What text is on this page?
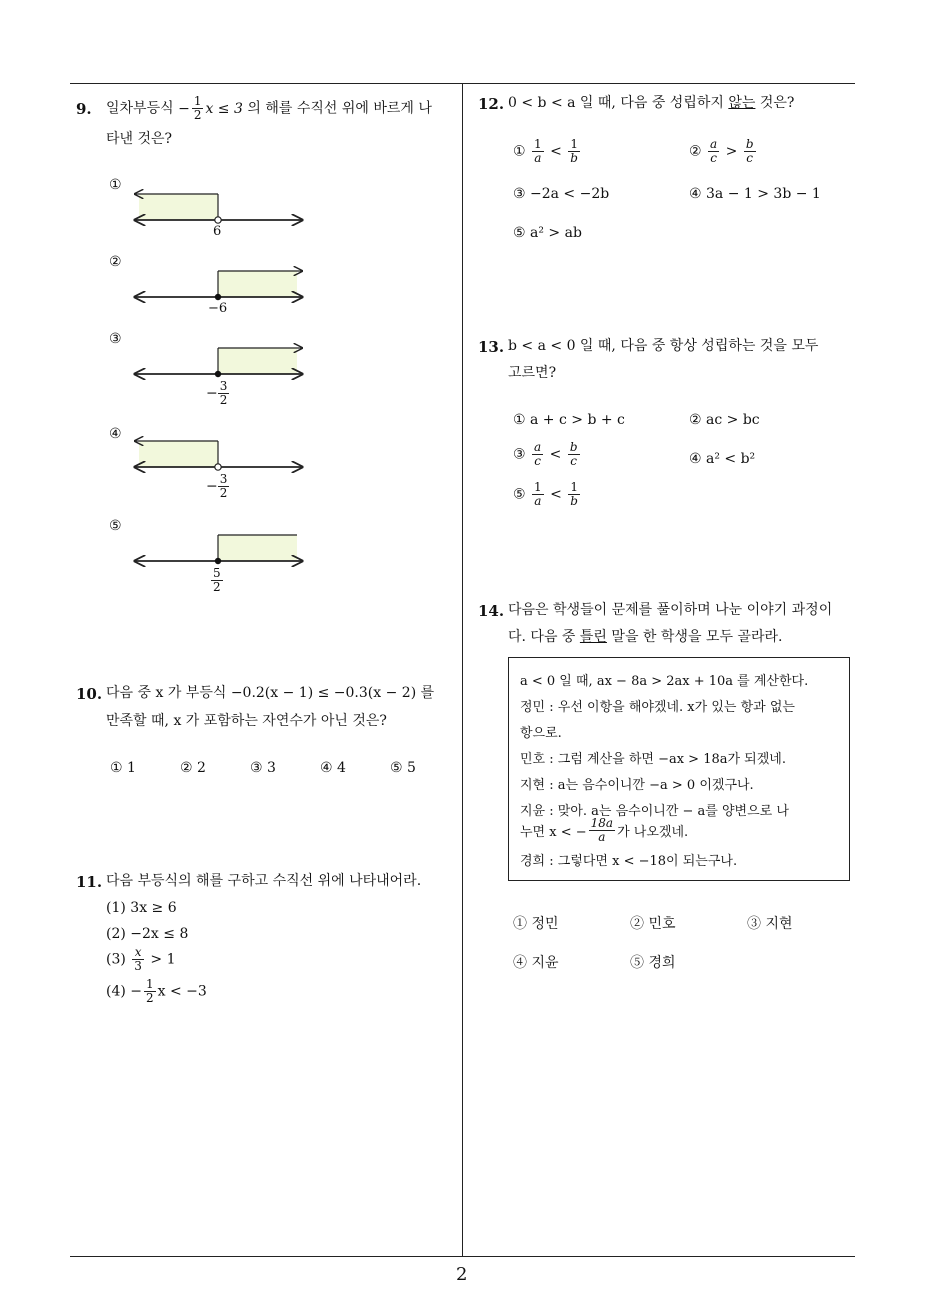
2
9. 일차부등식 − $\frac{1}{2}$ x ≤ 3 의 해를 수직선 위에 바르게 나
타낸 것은?
①
②
③
④
⑤
6
−6
− $\frac{3}{2}$
− $\frac{3}{2}$
$\frac{5}{2}$
10. 다음 중 x 가 부등식 −0.2(x − 1) ≤ −0.3(x − 2) 를
만족할 때, x 가 포함하는 자연수가 아닌 것은?
① 1	② 2	③ 3	④ 4	⑤ 5
11. 다음 부등식의 해를 구하고 수직선 위에 나타내어라.
(1) 3x ≥ 6
(2) −2x ≤ 8
$(3) \frac{x}{3} > 1$
$(4) - \frac{1}{2}$ x < −3
12. 0 < b < a 일 때, 다음 중 성립하지 않는 것은?
① $\frac{1}{a} < \frac{1}{b}$	② $\frac{a}{c} > \frac{b}{c}$
③ −2a < −2b	④ 3a − 1 > 3b − 1
⑤ a² > ab
13. b < a < 0 일 때, 다음 중 항상 성립하는 것을 모두
고르면?
① a + c > b + c	② ac > bc
③ $\frac{a}{c} < \frac{b}{c}$	④ a² < b²
⑤ $\frac{1}{a} < \frac{1}{b}$
14. 다음은 학생들이 문제를 풀이하며 나눈 이야기 과정이
다. 다음 중 틀린 말을 한 학생을 모두 골라라.
a < 0 일 때, ax − 8a > 2ax + 10a 를 계산한다.
정민 : 우선 이항을 해야겠네. x가 있는 항과 없는
항으로.
민호 : 그럼 계산을 하면 −ax > 18a가 되겠네.
지현 : a는 음수이니깐 −a > 0 이겠구나.
지윤 : 맞아. a는 음수이니깐 − a를 양변으로 나
누면 x < − $\frac{18a}{a}$ 가 나오겠네.
경희 : 그렇다면 x < −18이 되는구나.
① 정민	② 민호	③ 지현
④ 지윤	⑤ 경희
